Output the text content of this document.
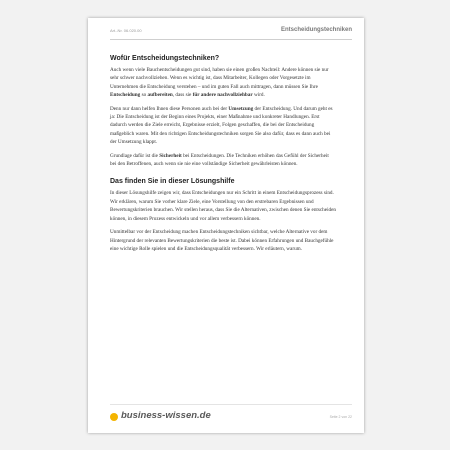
Art.-Nr. 06.020.00	Entscheidungstechniken
Wofür Entscheidungstechniken?

Auch wenn viele Bauchentscheidungen gut sind, haben sie einen großen Nachteil: Andere können sie nur sehr schwer nachvollziehen. Wenn es wichtig ist, dass Mitarbeiter, Kollegen oder Vorgesetzte im Unternehmen die Entscheidung verstehen – und im guten Fall auch mittragen, dann müssen Sie Ihre Entscheidung so aufbereiten, dass sie für andere nachvollziehbar wird.

Denn nur dann helfen Ihnen diese Personen auch bei der Umsetzung der Entscheidung. Und darum geht es ja: Die Entscheidung ist der Beginn eines Projekts, einer Maßnahme und konkreter Handlungen. Erst dadurch werden die Ziele erreicht, Ergebnisse erzielt, Folgen geschaffen, die bei der Entscheidung maßgeblich waren. Mit den richtigen Entscheidungstechniken sorgen Sie also dafür, dass es dann auch bei der Umsetzung klappt.

Grundlage dafür ist die Sicherheit bei Entscheidungen. Die Techniken erhöhen das Gefühl der Sicherheit bei den Betroffenen, auch wenn sie nie eine vollständige Sicherheit gewährleisten können.

Das finden Sie in dieser Lösungshilfe

In dieser Lösungshilfe zeigen wir, dass Entscheidungen nur ein Schritt in einem Entscheidungsprozess sind. Wir erklären, warum Sie vorher klare Ziele, eine Vorstellung von den erstrebaren Ergebnissen und Bewertungskriterien brauchen. Wir stellen heraus, dass Sie die Alternativen, zwischen denen Sie entscheiden können, in diesem Prozess entwickeln und vor allem verbessern können.

Unmittelbar vor der Entscheidung machen Entscheidungstechniken sichtbar, welche Alternative vor dem Hintergrund der relevanten Bewertungskriterien die beste ist. Dabei können Erfahrungen und Bauchgefühle eine wichtige Rolle spielen und die Entscheidungsqualität verbessern. Wir erläutern, warum.

business-wissen.de	Seite 2 von 22
